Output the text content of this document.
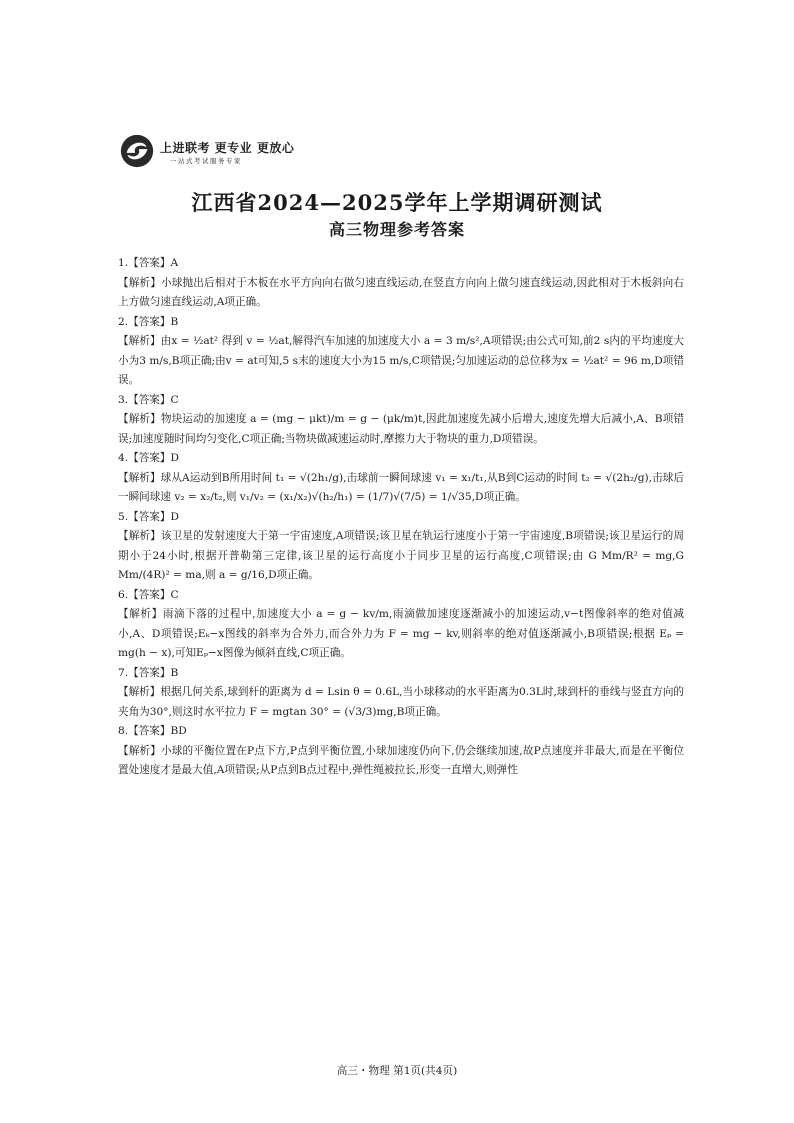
上进联考 更专业 更放心
一站式考试服务专家
江西省2024—2025学年上学期调研测试
高三物理参考答案
1.【答案】A
【解析】小球抛出后相对于木板在水平方向向右做匀速直线运动,在竖直方向向上做匀速直线运动,因此相对于木板斜向右上方做匀速直线运动,A项正确。
2.【答案】B
【解析】由x = ½at² 得到 v = ½at,解得汽车加速的加速度大小 a = 3 m/s²,A项错误;由公式可知,前2 s内的平均速度大小为3 m/s,B项正确;由v = at可知,5 s末的速度大小为15 m/s,C项错误;匀加速运动的总位移为x = ½at² = 96 m,D项错误。
3.【答案】C
【解析】物块运动的加速度 a = (mg − μkt)/m = g − (μk/m)t,因此加速度先减小后增大,速度先增大后减小,A、B项错误;加速度随时间均匀变化,C项正确;当物块做减速运动时,摩擦力大于物块的重力,D项错误。
4.【答案】D
【解析】球从A运动到B所用时间 t₁ = √(2h₁/g),击球前一瞬间球速 v₁ = x₁/t₁,从B到C运动的时间 t₂ = √(2h₂/g),击球后一瞬间球速 v₂ = x₂/t₂,则 v₁/v₂ = (x₁/x₂)√(h₂/h₁) = (1/7)√(7/5) = 1/√35,D项正确。
5.【答案】D
【解析】该卫星的发射速度大于第一宇宙速度,A项错误;该卫星在轨运行速度小于第一宇宙速度,B项错误;该卫星运行的周期小于24小时,根据开普勒第三定律,该卫星的运行高度小于同步卫星的运行高度,C项错误;由 G Mm/R² = mg,G Mm/(4R)² = ma,则 a = g/16,D项正确。
6.【答案】C
【解析】雨滴下落的过程中,加速度大小 a = g − kv/m,雨滴做加速度逐渐减小的加速运动,v−t图像斜率的绝对值减小,A、D项错误;Eₖ−x图线的斜率为合外力,而合外力为 F = mg − kv,则斜率的绝对值逐渐减小,B项错误;根据 Eₚ = mg(h − x),可知Eₚ−x图像为倾斜直线,C项正确。
7.【答案】B
【解析】根据几何关系,球到杆的距离为 d = Lsin θ = 0.6L,当小球移动的水平距离为0.3L时,球到杆的垂线与竖直方向的夹角为30°,则这时水平拉力 F = mgtan 30° = (√3/3)mg,B项正确。
8.【答案】BD
【解析】小球的平衡位置在P点下方,P点到平衡位置,小球加速度仍向下,仍会继续加速,故P点速度并非最大,而是在平衡位置处速度才是最大值,A项错误;从P点到B点过程中,弹性绳被拉长,形变一直增大,则弹性
高三・物理 第1页(共4页)
